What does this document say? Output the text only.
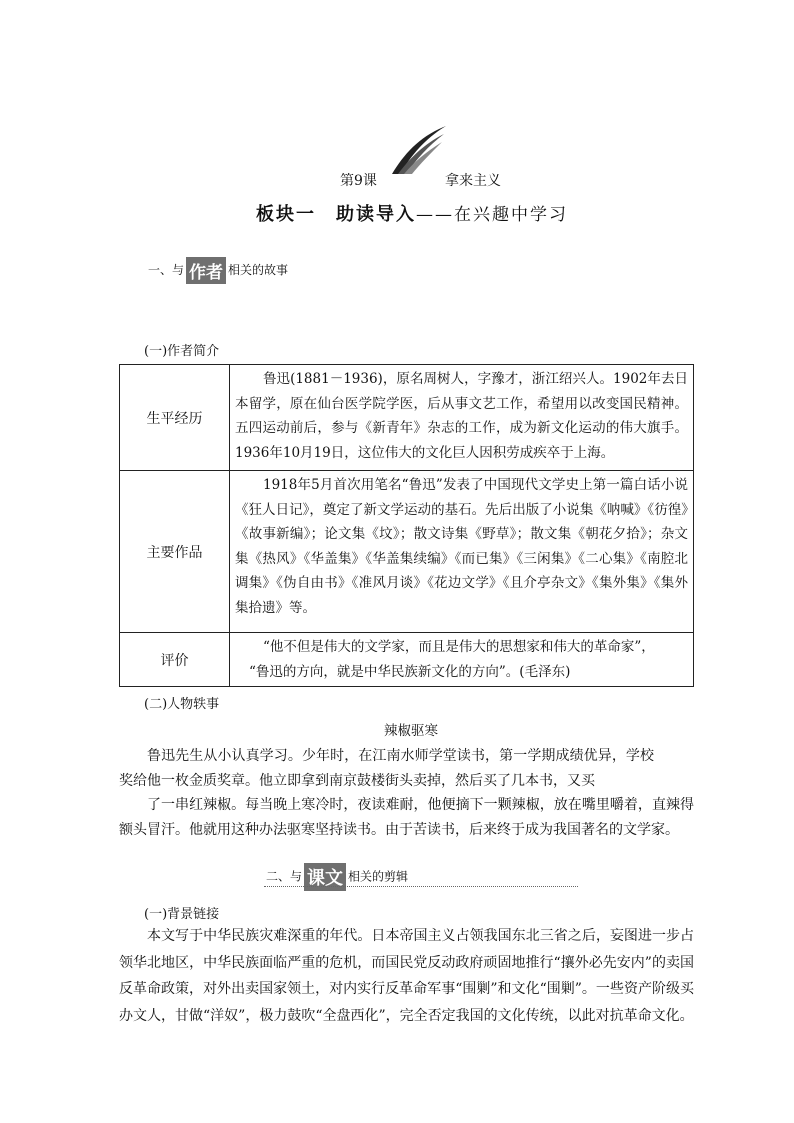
第9课	拿来主义
板块一　助读导入——在兴趣中学习
一、与 作者 相关的故事
(一)作者简介
生平经历	鲁迅(1881－1936)，原名周树人，字豫才，浙江绍兴人。1902年去日本留学，原在仙台医学院学医，后从事文艺工作，希望用以改变国民精神。五四运动前后，参与《新青年》杂志的工作，成为新文化运动的伟大旗手。1936年10月19日，这位伟大的文化巨人因积劳成疾卒于上海。
主要作品	1918年5月首次用笔名“鲁迅”发表了中国现代文学史上第一篇白话小说《狂人日记》，奠定了新文学运动的基石。先后出版了小说集《呐喊》《彷徨》《故事新编》；论文集《坟》；散文诗集《野草》；散文集《朝花夕拾》；杂文集《热风》《华盖集》《华盖集续编》《而已集》《三闲集》《二心集》《南腔北调集》《伪自由书》《准风月谈》《花边文学》《且介亭杂文》《集外集》《集外集拾遗》等。
评价	“他不但是伟大的文学家，而且是伟大的思想家和伟大的革命家”，
“鲁迅的方向，就是中华民族新文化的方向”。(毛泽东)
(二)人物轶事
辣椒驱寒
鲁迅先生从小认真学习。少年时，在江南水师学堂读书，第一学期成绩优异，学校奖给他一枚金质奖章。他立即拿到南京鼓楼街头卖掉，然后买了几本书，又买
了一串红辣椒。每当晚上寒冷时，夜读难耐，他便摘下一颗辣椒，放在嘴里嚼着，直辣得额头冒汗。他就用这种办法驱寒坚持读书。由于苦读书，后来终于成为我国著名的文学家。
二、与 课文 相关的剪辑
(一)背景链接
本文写于中华民族灾难深重的年代。日本帝国主义占领我国东北三省之后，妄图进一步占领华北地区，中华民族面临严重的危机，而国民党反动政府顽固地推行“攘外必先安内”的卖国反革命政策，对外出卖国家领土，对内实行反革命军事“围剿”和文化“围剿”。一些资产阶级买办文人，甘做“洋奴”，极力鼓吹“全盘西化”，完全否定我国的文化传统，以此对抗革命文化。
